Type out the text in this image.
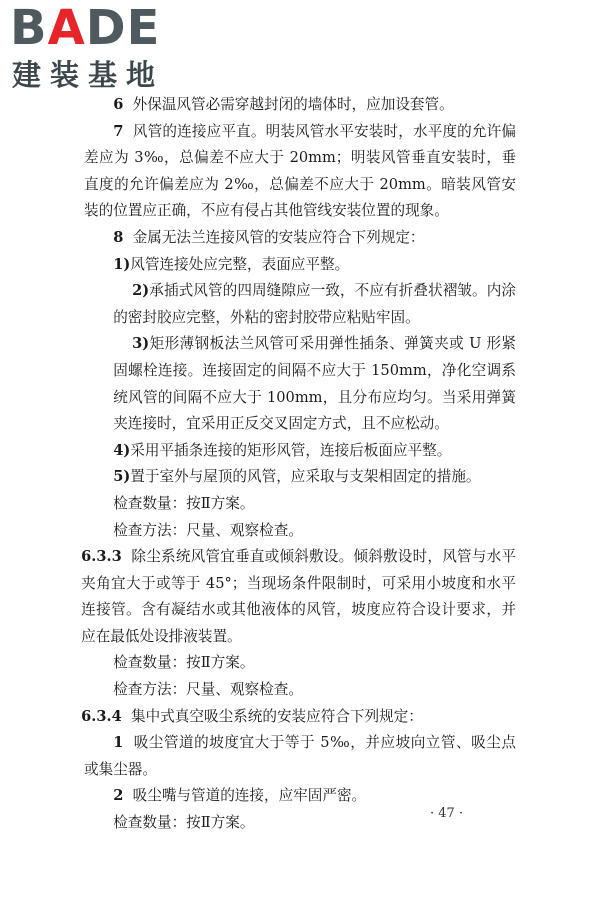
BADE
建装基地

6 外保温风管必需穿越封闭的墙体时，应加设套管。

7 风管的连接应平直。明装风管水平安装时，水平度的允许偏差应为 3‰，总偏差不应大于 20mm；明装风管垂直安装时，垂直度的允许偏差应为 2‰，总偏差不应大于 20mm。暗装风管安装的位置应正确，不应有侵占其他管线安装位置的现象。

8 金属无法兰连接风管的安装应符合下列规定：

1)风管连接处应完整，表面应平整。

2)承插式风管的四周缝隙应一致，不应有折叠状褶皱。内涂的密封胶应完整，外粘的密封胶带应粘贴牢固。

3)矩形薄钢板法兰风管可采用弹性插条、弹簧夹或 U 形紧固螺栓连接。连接固定的间隔不应大于 150mm，净化空调系统风管的间隔不应大于 100mm，且分布应均匀。当采用弹簧夹连接时，宜采用正反交叉固定方式，且不应松动。

4)采用平插条连接的矩形风管，连接后板面应平整。

5)置于室外与屋顶的风管，应采取与支架相固定的措施。

检查数量：按Ⅱ方案。

检查方法：尺量、观察检查。

6.3.3 除尘系统风管宜垂直或倾斜敷设。倾斜敷设时，风管与水平夹角宜大于或等于 45°；当现场条件限制时，可采用小坡度和水平连接管。含有凝结水或其他液体的风管，坡度应符合设计要求，并应在最低处设排液装置。

检查数量：按Ⅱ方案。

检查方法：尺量、观察检查。

6.3.4 集中式真空吸尘系统的安装应符合下列规定：

1 吸尘管道的坡度宜大于等于 5‰，并应坡向立管、吸尘点或集尘器。

2 吸尘嘴与管道的连接，应牢固严密。

检查数量：按Ⅱ方案。

· 47 ·
